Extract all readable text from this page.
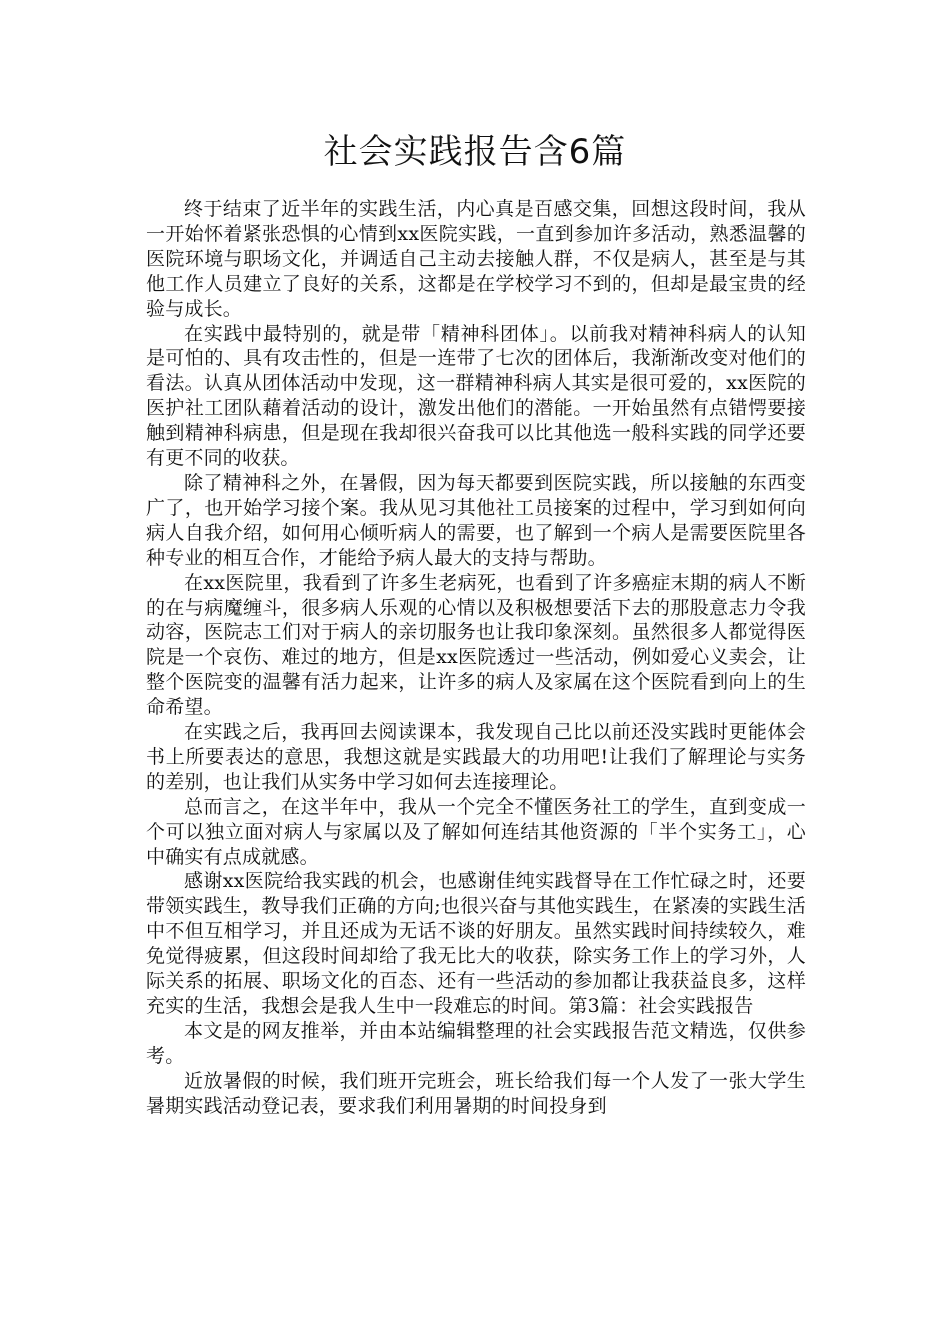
社会实践报告含6篇

终于结束了近半年的实践生活，内心真是百感交集，回想这段时间，我从一开始怀着紧张恐惧的心情到xx医院实践，一直到参加许多活动，熟悉温馨的医院环境与职场文化，并调适自己主动去接触人群，不仅是病人，甚至是与其他工作人员建立了良好的关系，这都是在学校学习不到的，但却是最宝贵的经验与成长。

在实践中最特别的，就是带「精神科团体」。以前我对精神科病人的认知是可怕的、具有攻击性的，但是一连带了七次的团体后，我渐渐改变对他们的看法。认真从团体活动中发现，这一群精神科病人其实是很可爱的，xx医院的医护社工团队藉着活动的设计，激发出他们的潜能。一开始虽然有点错愕要接触到精神科病患，但是现在我却很兴奋我可以比其他选一般科实践的同学还要有更不同的收获。

除了精神科之外，在暑假，因为每天都要到医院实践，所以接触的东西变广了，也开始学习接个案。我从见习其他社工员接案的过程中，学习到如何向病人自我介绍，如何用心倾听病人的需要，也了解到一个病人是需要医院里各种专业的相互合作，才能给予病人最大的支持与帮助。

在xx医院里，我看到了许多生老病死，也看到了许多癌症末期的病人不断的在与病魔缠斗，很多病人乐观的心情以及积极想要活下去的那股意志力令我动容，医院志工们对于病人的亲切服务也让我印象深刻。虽然很多人都觉得医院是一个哀伤、难过的地方，但是xx医院透过一些活动，例如爱心义卖会，让整个医院变的温馨有活力起来，让许多的病人及家属在这个医院看到向上的生命希望。

在实践之后，我再回去阅读课本，我发现自己比以前还没实践时更能体会书上所要表达的意思，我想这就是实践最大的功用吧!让我们了解理论与实务的差别，也让我们从实务中学习如何去连接理论。

总而言之，在这半年中，我从一个完全不懂医务社工的学生，直到变成一个可以独立面对病人与家属以及了解如何连结其他资源的「半个实务工」，心中确实有点成就感。

感谢xx医院给我实践的机会，也感谢佳纯实践督导在工作忙碌之时，还要带领实践生，教导我们正确的方向;也很兴奋与其他实践生，在紧凑的实践生活中不但互相学习，并且还成为无话不谈的好朋友。虽然实践时间持续较久，难免觉得疲累，但这段时间却给了我无比大的收获，除实务工作上的学习外，人际关系的拓展、职场文化的百态、还有一些活动的参加都让我获益良多，这样充实的生活，我想会是我人生中一段难忘的时间。第3篇：社会实践报告

本文是的网友推举，并由本站编辑整理的社会实践报告范文精选，仅供参考。

近放暑假的时候，我们班开完班会，班长给我们每一个人发了一张大学生暑期实践活动登记表，要求我们利用暑期的时间投身到
